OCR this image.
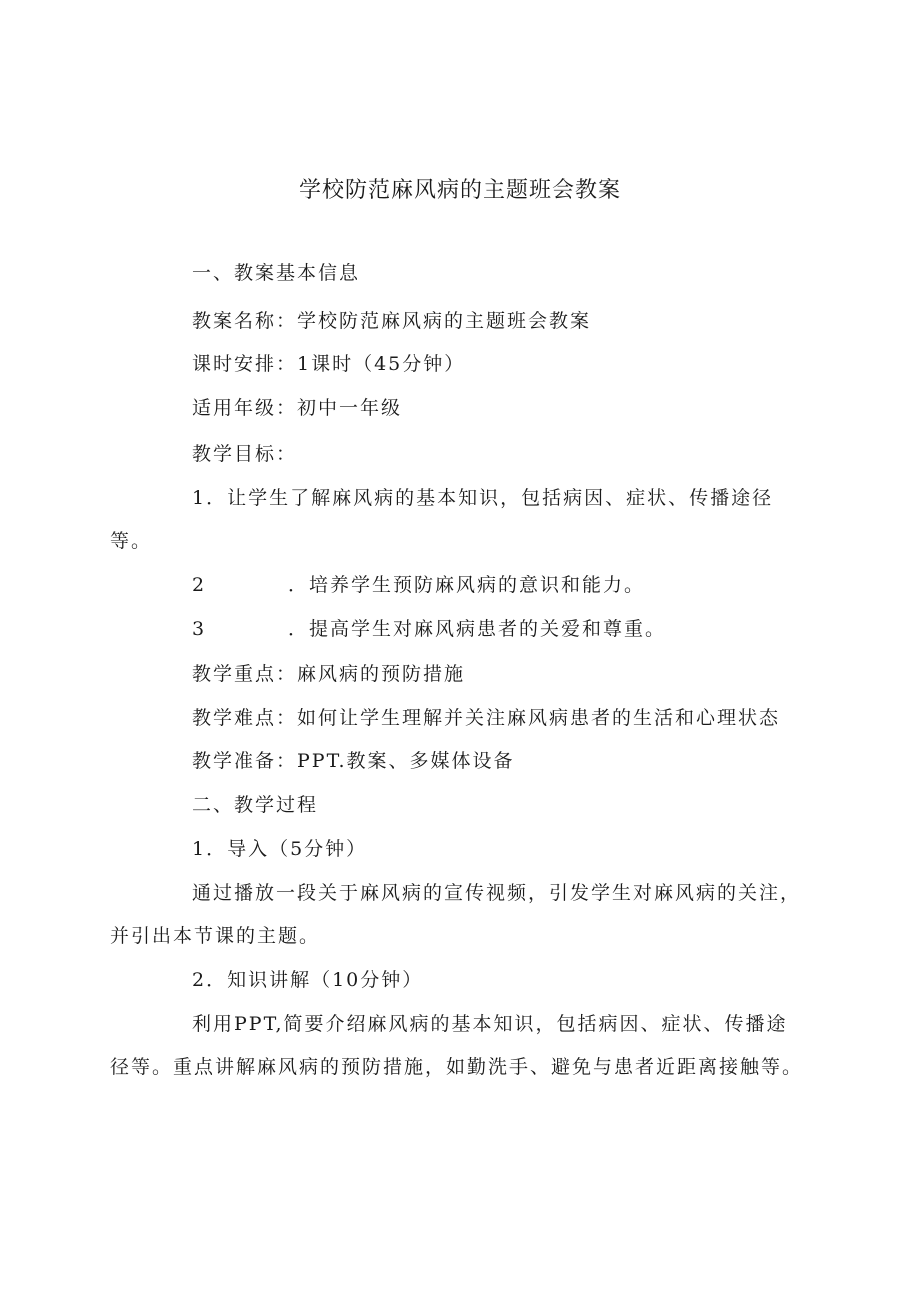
学校防范麻风病的主题班会教案
一、教案基本信息
教案名称：学校防范麻风病的主题班会教案
课时安排：1课时（45分钟）
适用年级：初中一年级
教学目标：
1．让学生了解麻风病的基本知识，包括病因、症状、传播途径
等。
2	．培养学生预防麻风病的意识和能力。
3	．提高学生对麻风病患者的关爱和尊重。
教学重点：麻风病的预防措施
教学难点：如何让学生理解并关注麻风病患者的生活和心理状态
教学准备：PPT.教案、多媒体设备
二、教学过程
1．导入（5分钟）
通过播放一段关于麻风病的宣传视频，引发学生对麻风病的关注，
并引出本节课的主题。
2．知识讲解（10分钟）
利用PPT,简要介绍麻风病的基本知识，包括病因、症状、传播途
径等。重点讲解麻风病的预防措施，如勤洗手、避免与患者近距离接触等。
